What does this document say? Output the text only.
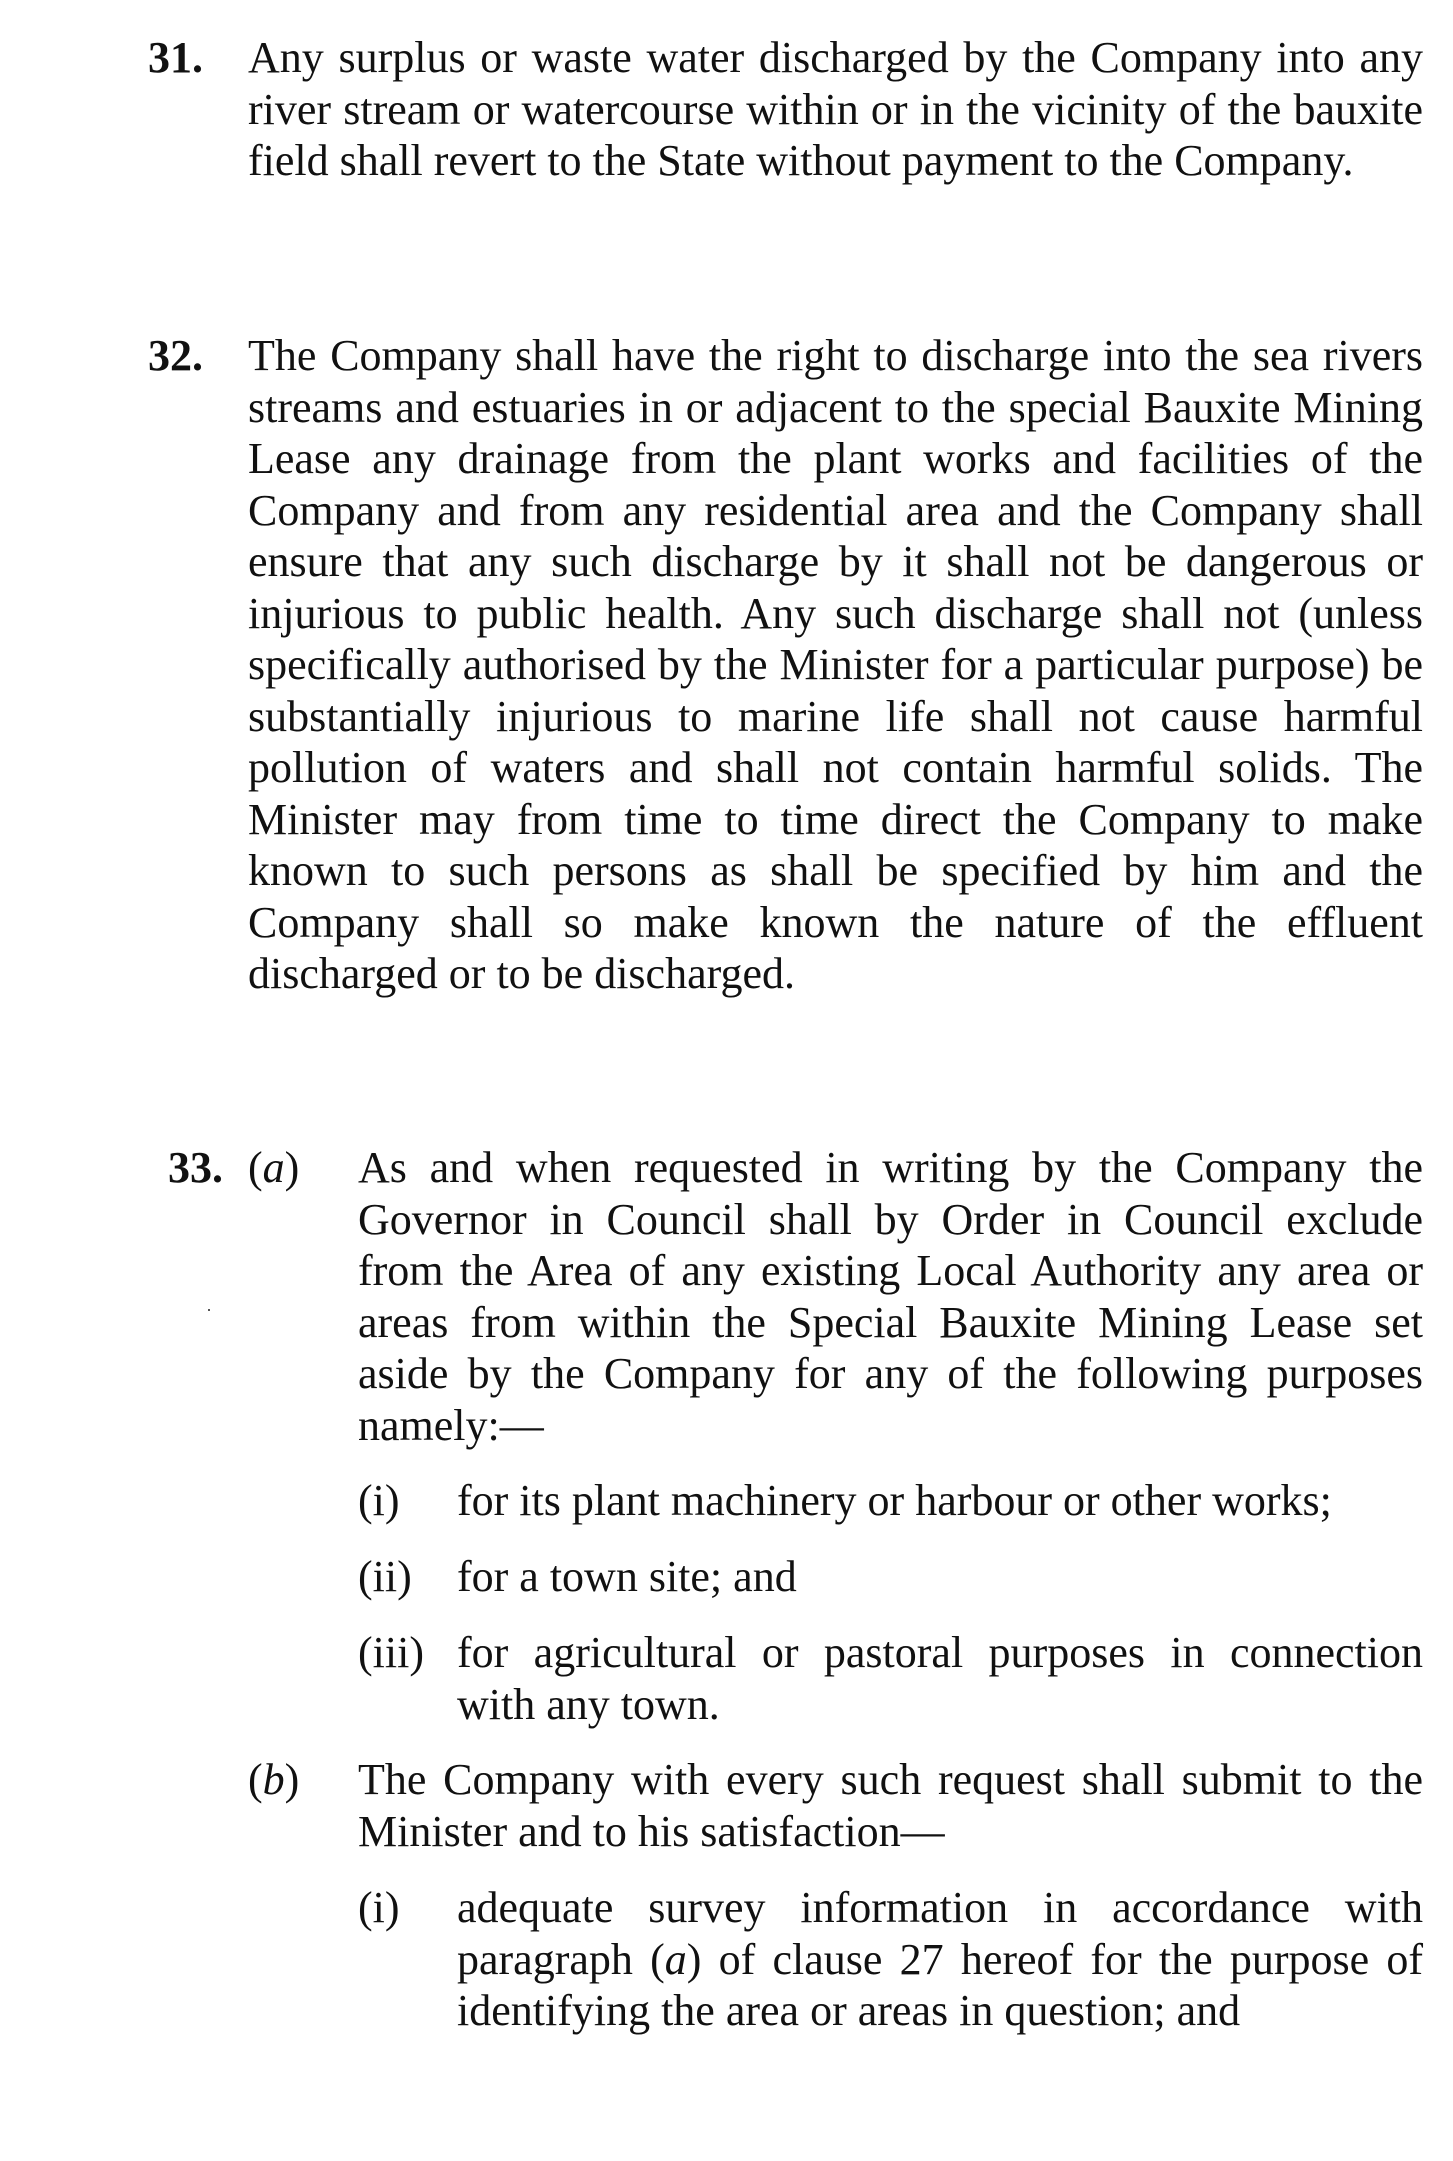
31. Any surplus or waste water discharged by the Company into any river stream or watercourse within or in the vicinity of the bauxite field shall revert to the State without payment to the Company.
32. The Company shall have the right to discharge into the sea rivers streams and estuaries in or adjacent to the special Bauxite Mining Lease any drainage from the plant works and facilities of the Company and from any residential area and the Company shall ensure that any such discharge by it shall not be dangerous or injurious to public health. Any such discharge shall not (unless specifically authorised by the Minister for a particular purpose) be substantially injurious to marine life shall not cause harmful pollution of waters and shall not contain harmful solids. The Minister may from time to time direct the Company to make known to such persons as shall be specified by him and the Company shall so make known the nature of the effluent discharged or to be discharged.
33. (a) As and when requested in writing by the Company the Governor in Council shall by Order in Council exclude from the Area of any existing Local Authority any area or areas from within the Special Bauxite Mining Lease set aside by the Company for any of the following purposes namely:—
(i) for its plant machinery or harbour or other works;
(ii) for a town site; and
(iii) for agricultural or pastoral purposes in connection with any town.
(b) The Company with every such request shall submit to the Minister and to his satisfaction—
(i) adequate survey information in accordance with paragraph (a) of clause 27 hereof for the purpose of identifying the area or areas in question; and
